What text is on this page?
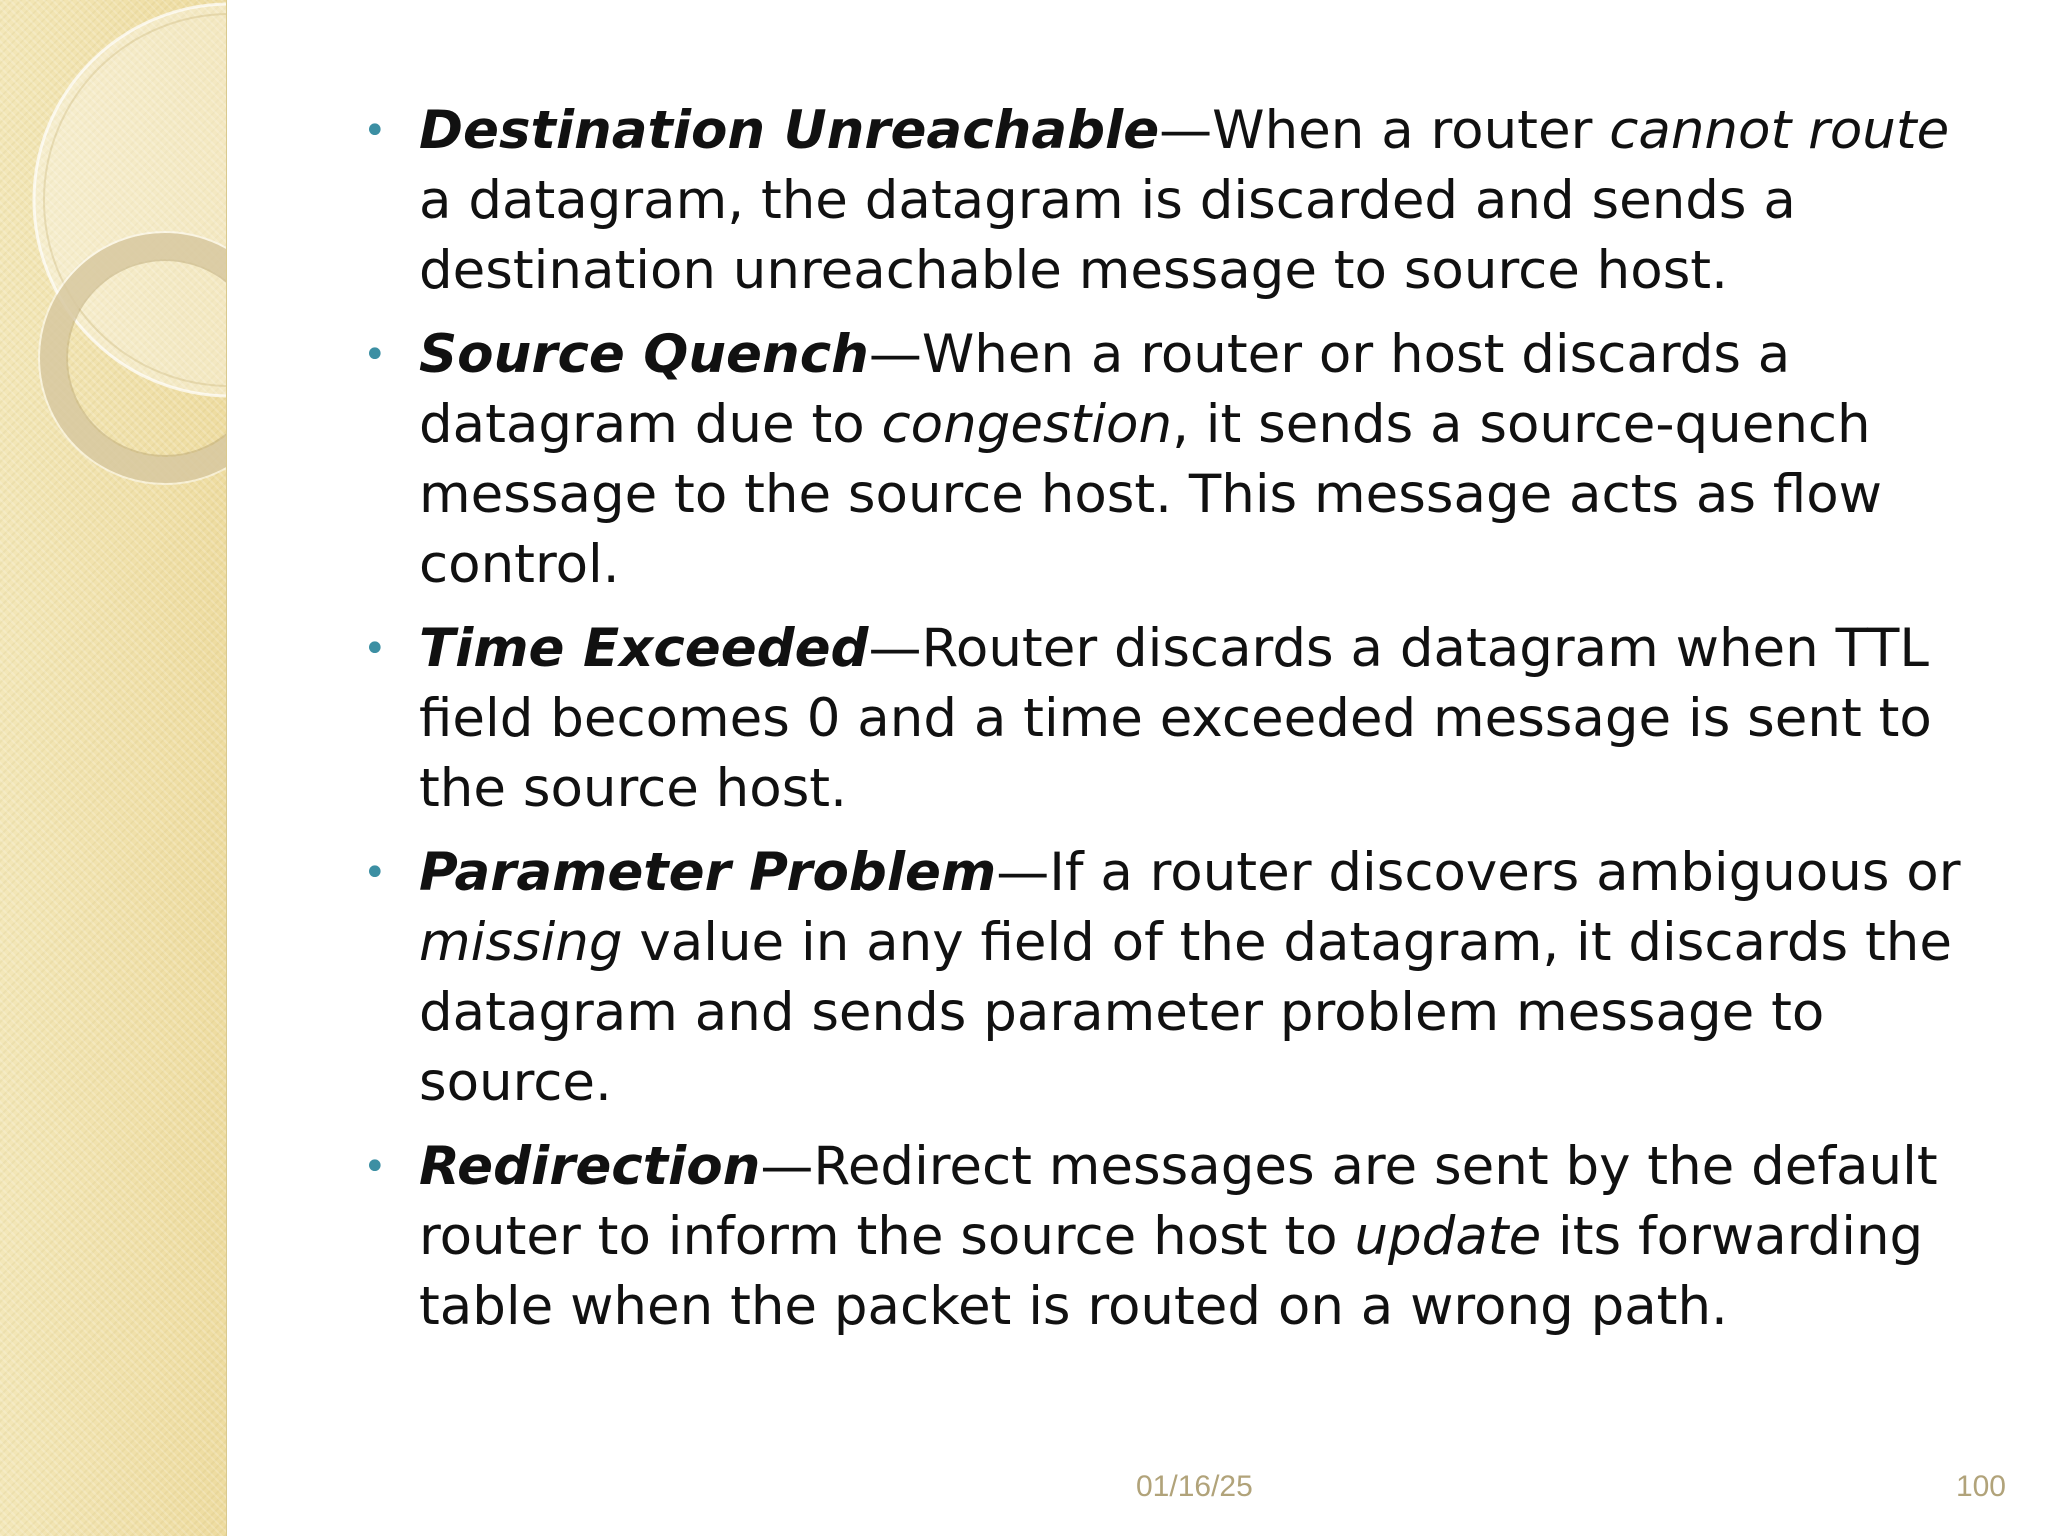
• Destination Unreachable—When a router cannot route a datagram, the datagram is discarded and sends a destination unreachable message to source host.
• Source Quench—When a router or host discards a datagram due to congestion, it sends a source-quench message to the source host. This message acts as flow control.
• Time Exceeded—Router discards a datagram when TTL field becomes 0 and a time exceeded message is sent to the source host.
• Parameter Problem—If a router discovers ambiguous or missing value in any field of the datagram, it discards the datagram and sends parameter problem message to source.
• Redirection—Redirect messages are sent by the default router to inform the source host to update its forwarding table when the packet is routed on a wrong path.
01/16/25	100
